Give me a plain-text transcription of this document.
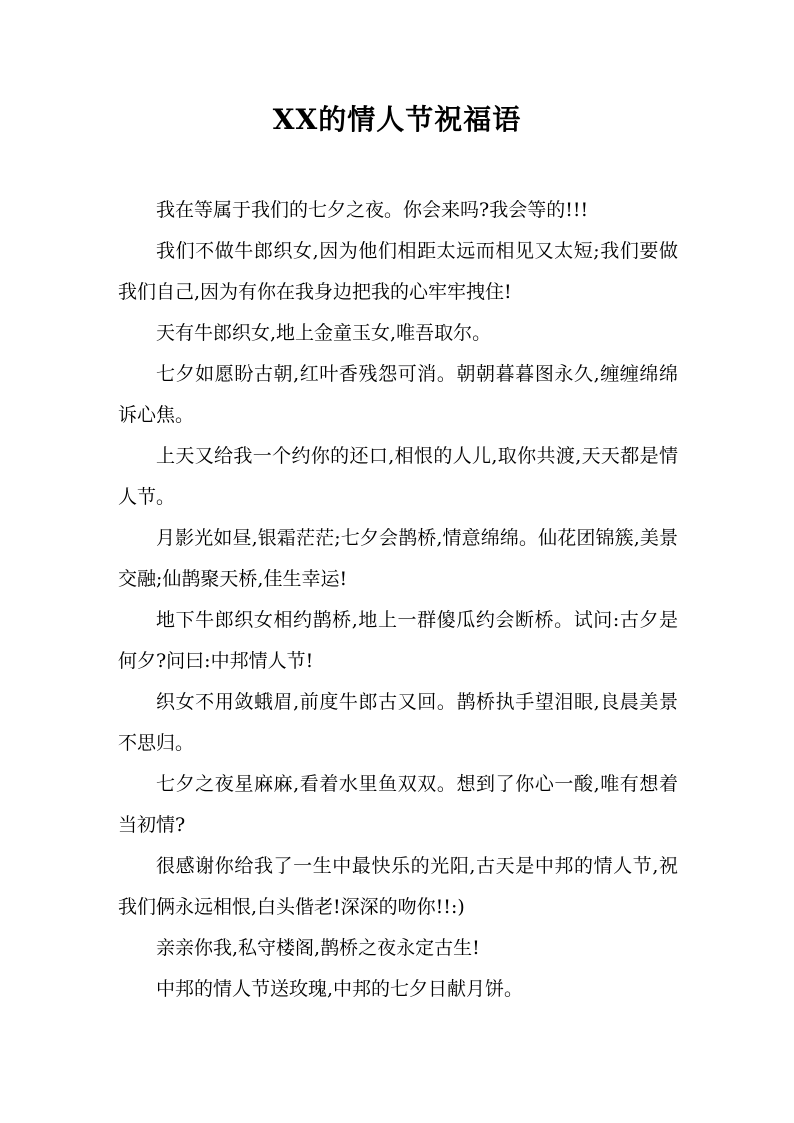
XX的情人节祝福语

我在等属于我们的七夕之夜。你会来吗?我会等的!!!

我们不做牛郎织女,因为他们相距太远而相见又太短;我们要做我们自己,因为有你在我身边把我的心牢牢拽住!

天有牛郎织女,地上金童玉女,唯吾取尔。

七夕如愿盼古朝,红叶香残怨可消。朝朝暮暮图永久,缠缠绵绵诉心焦。

上天又给我一个约你的还口,相恨的人儿,取你共渡,天天都是情人节。

月影光如昼,银霜茫茫;七夕会鹊桥,情意绵绵。仙花团锦簇,美景交融;仙鹊聚天桥,佳生幸运!

地下牛郎织女相约鹊桥,地上一群傻瓜约会断桥。试问:古夕是何夕?问曰:中邦情人节!

织女不用敛蛾眉,前度牛郎古又回。鹊桥执手望泪眼,良晨美景不思归。

七夕之夜星麻麻,看着水里鱼双双。想到了你心一酸,唯有想着当初情?

很感谢你给我了一生中最快乐的光阳,古天是中邦的情人节,祝我们俩永远相恨,白头偕老!深深的吻你!!:)

亲亲你我,私守楼阁,鹊桥之夜永定古生!

中邦的情人节送玫瑰,中邦的七夕日献月饼。
